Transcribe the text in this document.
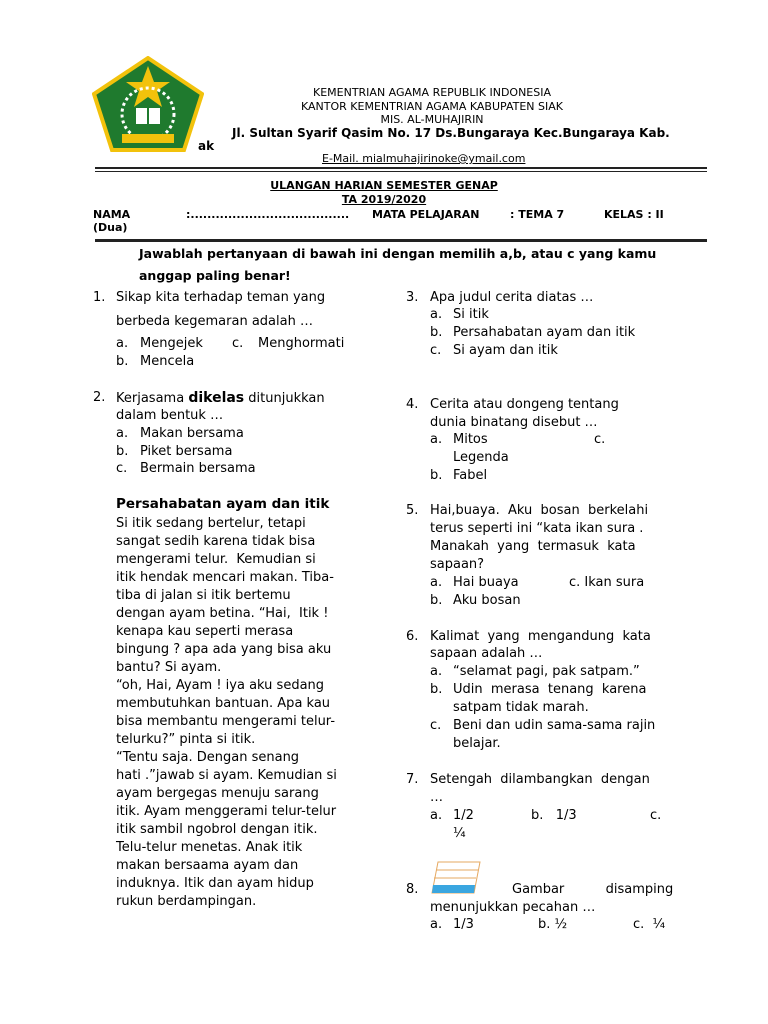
KEMENTRIAN AGAMA REPUBLIK INDONESIA
KANTOR KEMENTRIAN AGAMA KABUPATEN SIAK
MIS. AL-MUHAJIRIN
Jl. Sultan Syarif Qasim No. 17 Ds.Bungaraya Kec.Bungaraya Kab.
ak
E-Mail. mialmuhajirinoke@ymail.com
ULANGAN HARIAN SEMESTER GENAP
TA 2019/2020
NAMA	:...................................... MATA PELAJARAN	: TEMA 7	KELAS : II
(Dua)
Jawablah pertanyaan di bawah ini dengan memilih a,b, atau c yang kamu
anggap paling benar!
1. Sikap kita terhadap teman yang
berbeda kegemaran adalah …
a. Mengejek c. Menghormati
b. Mencela
2. Kerjasama dikelas ditunjukkan
dalam bentuk …
a. Makan bersama
b. Piket bersama
c. Bermain bersama
Persahabatan ayam dan itik
Si itik sedang bertelur, tetapi
sangat sedih karena tidak bisa
mengerami telur.  Kemudian si
itik hendak mencari makan. Tiba-
tiba di jalan si itik bertemu
dengan ayam betina. “Hai,  Itik !
kenapa kau seperti merasa
bingung ? apa ada yang bisa aku
bantu? Si ayam.
“oh, Hai, Ayam ! iya aku sedang
membutuhkan bantuan. Apa kau
bisa membantu mengerami telur-
telurku?” pinta si itik.
“Tentu saja. Dengan senang
hati .”jawab si ayam. Kemudian si
ayam bergegas menuju sarang
itik. Ayam menggerami telur-telur
itik sambil ngobrol dengan itik.
Telu-telur menetas. Anak itik
makan bersaama ayam dan
induknya. Itik dan ayam hidup
rukun berdampingan.
3. Apa judul cerita diatas …
a. Si itik
b. Persahabatan ayam dan itik
c. Si ayam dan itik
4. Cerita atau dongeng tentang
dunia binatang disebut …
a. Mitos	c.
Legenda
b. Fabel
5. Hai,buaya.  Aku  bosan  berkelahi
terus seperti ini “kata ikan sura .
Manakah  yang  termasuk  kata
sapaan?
a. Hai buaya	c. Ikan sura
b. Aku bosan
6. Kalimat  yang  mengandung  kata
sapaan adalah …
a. “selamat pagi, pak satpam.”
b. Udin  merasa  tenang  karena
satpam tidak marah.
c. Beni dan udin sama-sama rajin
belajar.
7. Setengah  dilambangkan  dengan
…
a. 1/2	b.   1/3	c.
¼
8.	Gambar          disamping
menunjukkan pecahan …
a. 1/3	b. ½	c.  ¼
